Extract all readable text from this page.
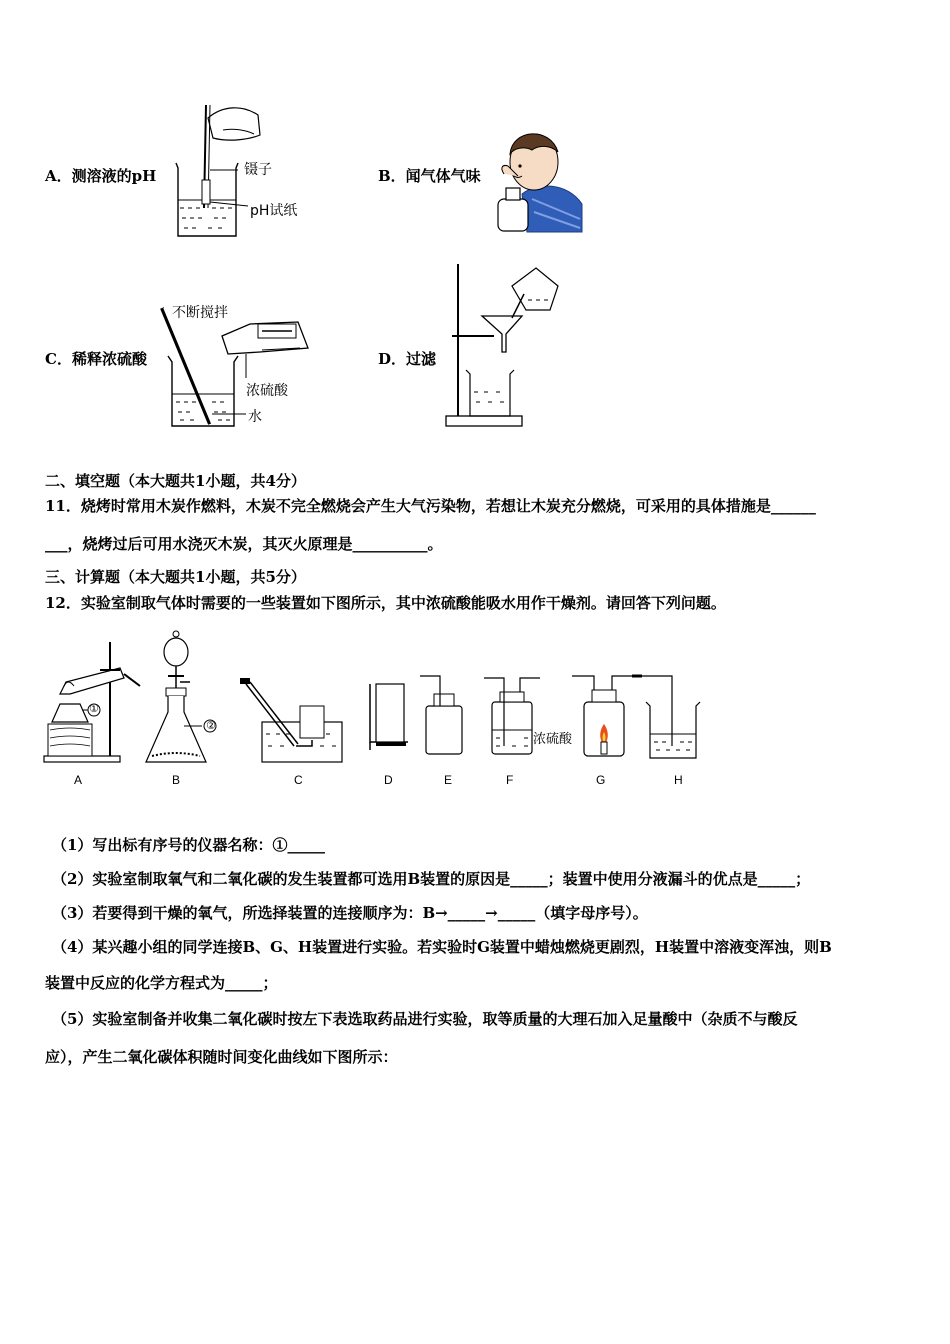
A．测溶液的pH	镊子
pH试纸
B．闻气体气味
C．稀释浓硫酸
不断搅拌
浓硫酸
水
D．过滤
二、填空题（本大题共1小题，共4分）
11．烧烤时常用木炭作燃料，木炭不完全燃烧会产生大气污染物，若想让木炭充分燃烧，可采用的具体措施是______
___，烧烤过后可用水浇灭木炭，其灭火原理是__________。
三、计算题（本大题共1小题，共5分）
12．实验室制取气体时需要的一些装置如下图所示，其中浓硫酸能吸水用作干燥剂。请回答下列问题。
A	B	C	D	E	F	G	H
①
②
浓硫酸
（1）写出标有序号的仪器名称：①_____
（2）实验室制取氧气和二氧化碳的发生装置都可选用B装置的原因是_____；装置中使用分液漏斗的优点是_____；
（3）若要得到干燥的氧气，所选择装置的连接顺序为：B→_____→_____（填字母序号）。
（4）某兴趣小组的同学连接B、G、H装置进行实验。若实验时G装置中蜡烛燃烧更剧烈，H装置中溶液变浑浊，则B
装置中反应的化学方程式为_____；
（5）实验室制备并收集二氧化碳时按左下表选取药品进行实验，取等质量的大理石加入足量酸中（杂质不与酸反
应），产生二氧化碳体积随时间变化曲线如下图所示：
